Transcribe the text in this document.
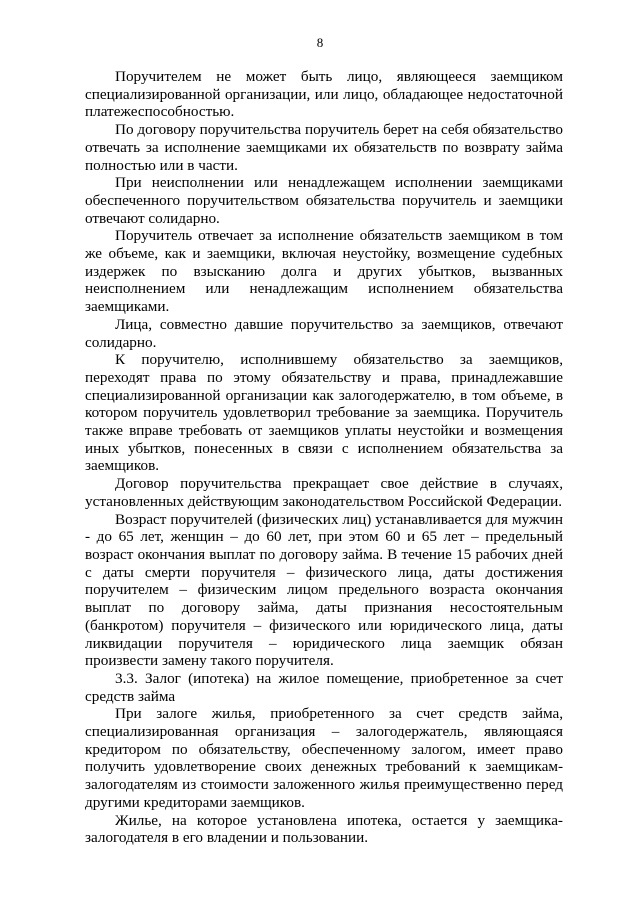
8

Поручителем не может быть лицо, являющееся заемщиком специализированной организации, или лицо, обладающее недостаточной платежеспособностью.

По договору поручительства поручитель берет на себя обязательство отвечать за исполнение заемщиками их обязательств по возврату займа полностью или в части.

При неисполнении или ненадлежащем исполнении заемщиками обеспеченного поручительством обязательства поручитель и заемщики отвечают солидарно.

Поручитель отвечает за исполнение обязательств заемщиком в том же объеме, как и заемщики, включая неустойку, возмещение судебных издержек по взысканию долга и других убытков, вызванных неисполнением или ненадлежащим исполнением обязательства заемщиками.

Лица, совместно давшие поручительство за заемщиков, отвечают солидарно.

К поручителю, исполнившему обязательство за заемщиков, переходят права по этому обязательству и права, принадлежавшие специализированной организации как залогодержателю, в том объеме, в котором поручитель удовлетворил требование за заемщика. Поручитель также вправе требовать от заемщиков уплаты неустойки и возмещения иных убытков, понесенных в связи с исполнением обязательства за заемщиков.

Договор поручительства прекращает свое действие в случаях, установленных действующим законодательством Российской Федерации.

Возраст поручителей (физических лиц) устанавливается для мужчин - до 65 лет, женщин – до 60 лет, при этом 60 и 65 лет – предельный возраст окончания выплат по договору займа. В течение 15 рабочих дней с даты смерти поручителя – физического лица, даты достижения поручителем – физическим лицом предельного возраста окончания выплат по договору займа, даты признания несостоятельным (банкротом) поручителя – физического или юридического лица, даты ликвидации поручителя – юридического лица заемщик обязан произвести замену такого поручителя.

3.3. Залог (ипотека) на жилое помещение, приобретенное за счет средств займа

При залоге жилья, приобретенного за счет средств займа, специализированная организация – залогодержатель, являющаяся кредитором по обязательству, обеспеченному залогом, имеет право получить удовлетворение своих денежных требований к заемщикам-залогодателям из стоимости заложенного жилья преимущественно перед другими кредиторами заемщиков.

Жилье, на которое установлена ипотека, остается у заемщика-залогодателя в его владении и пользовании.
